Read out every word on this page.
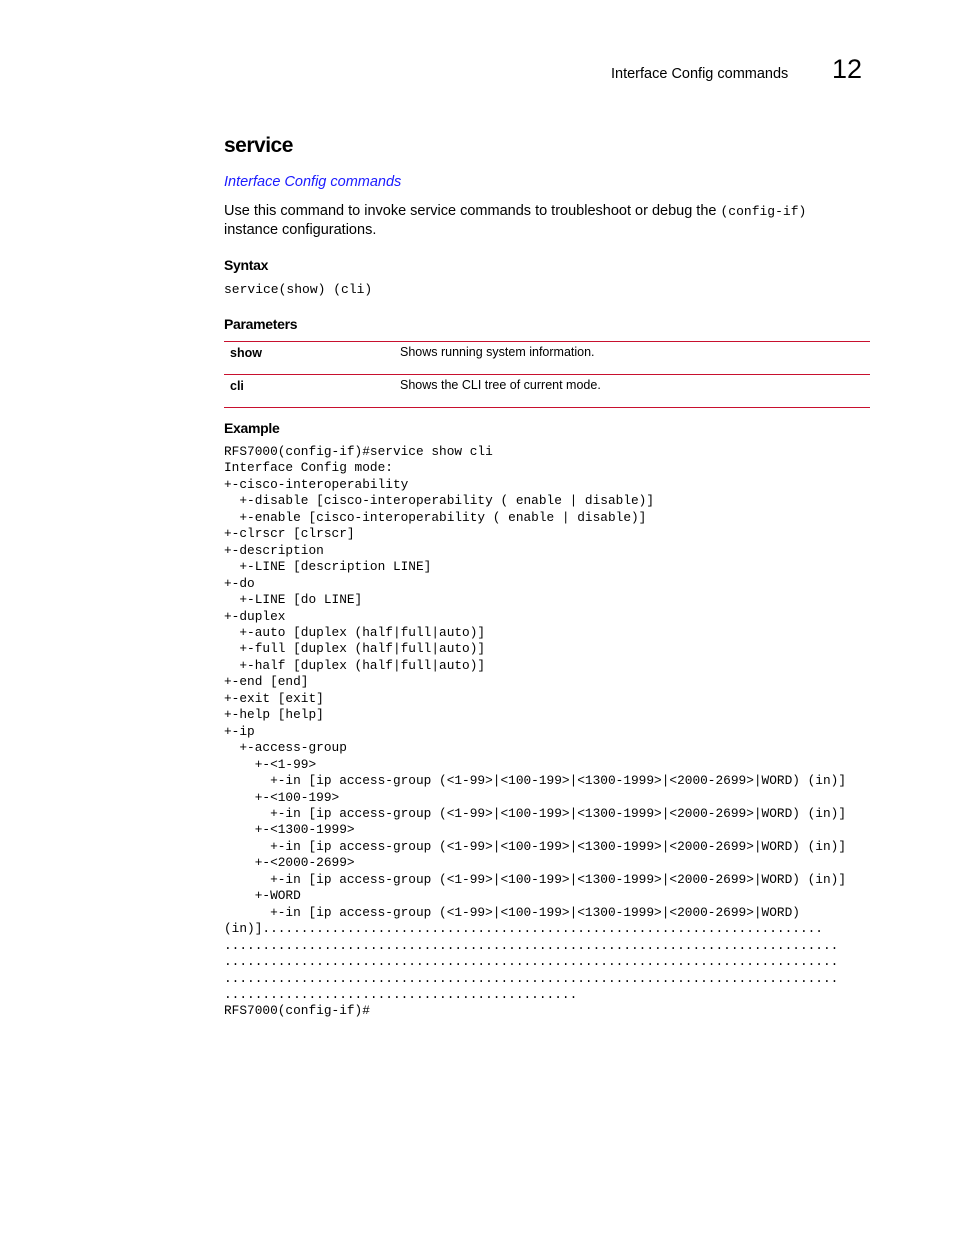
Interface Config commands 12
service
Interface Config commands
Use this command to invoke service commands to troubleshoot or debug the (config-if) instance configurations.
Syntax
service(show) (cli)
Parameters
show	Shows running system information.
cli	Shows the CLI tree of current mode.
Example
RFS7000(config-if)#service show cli
Interface Config mode:
+-cisco-interoperability
+-disable [cisco-interoperability ( enable | disable)]
+-enable [cisco-interoperability ( enable | disable)]
+-clrscr [clrscr]
+-description
+-LINE [description LINE]
+-do
+-LINE [do LINE]
+-duplex
+-auto [duplex (half|full|auto)]
+-full [duplex (half|full|auto)]
+-half [duplex (half|full|auto)]
+-end [end]
+-exit [exit]
+-help [help]
+-ip
+-access-group
+-<1-99>
+-in [ip access-group (<1-99>|<100-199>|<1300-1999>|<2000-2699>|WORD) (in)]
+-<100-199>
+-in [ip access-group (<1-99>|<100-199>|<1300-1999>|<2000-2699>|WORD) (in)]
+-<1300-1999>
+-in [ip access-group (<1-99>|<100-199>|<1300-1999>|<2000-2699>|WORD) (in)]
+-<2000-2699>
+-in [ip access-group (<1-99>|<100-199>|<1300-1999>|<2000-2699>|WORD) (in)]
+-WORD
+-in [ip access-group (<1-99>|<100-199>|<1300-1999>|<2000-2699>|WORD)
(in)].........................................................................
................................................................................
................................................................................
................................................................................
..............................................
RFS7000(config-if)#
